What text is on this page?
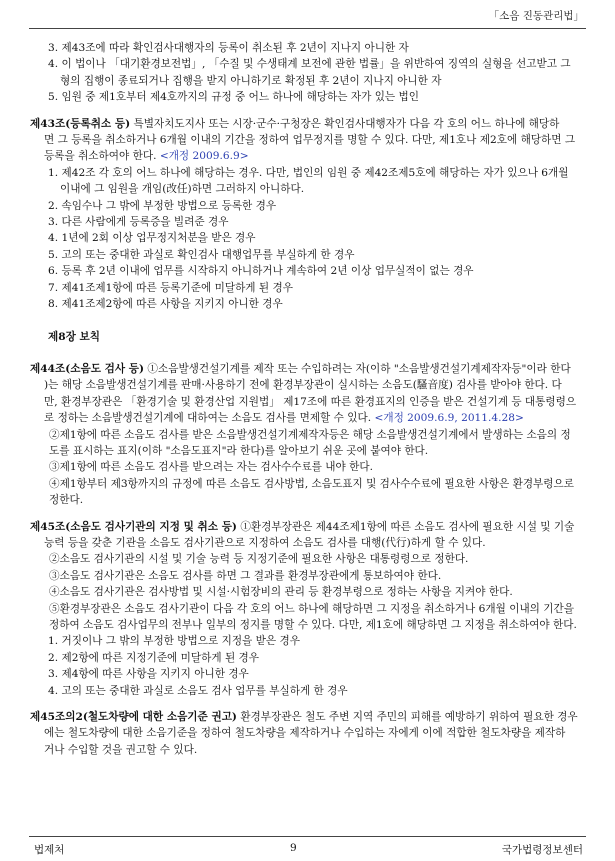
「소음 진동관리법」
3. 제43조에 따라 확인검사대행자의 등록이 취소된 후 2년이 지나지 아니한 자
4. 이 법이나 「대기환경보전법」, 「수질 및 수생태계 보전에 관한 법률」을 위반하여 징역의 실형을 선고받고 그
형의 집행이 종료되거나 집행을 받지 아니하기로 확정된 후 2년이 지나지 아니한 자
5. 임원 중 제1호부터 제4호까지의 규정 중 어느 하나에 해당하는 자가 있는 법인
제43조(등록취소 등) 특별자치도지사 또는 시장·군수·구청장은 확인검사대행자가 다음 각 호의 어느 하나에 해당하
면 그 등록을 취소하거나 6개월 이내의 기간을 정하여 업무정지를 명할 수 있다. 다만, 제1호나 제2호에 해당하면 그
등록을 취소하여야 한다. <개정 2009.6.9>
1. 제42조 각 호의 어느 하나에 해당하는 경우. 다만, 법인의 임원 중 제42조제5호에 해당하는 자가 있으나 6개월
이내에 그 임원을 개임(改任)하면 그러하지 아니하다.
2. 속임수나 그 밖에 부정한 방법으로 등록한 경우
3. 다른 사람에게 등록증을 빌려준 경우
4. 1년에 2회 이상 업무정지처분을 받은 경우
5. 고의 또는 중대한 과실로 확인검사 대행업무를 부실하게 한 경우
6. 등록 후 2년 이내에 업무를 시작하지 아니하거나 계속하여 2년 이상 업무실적이 없는 경우
7. 제41조제1항에 따른 등록기준에 미달하게 된 경우
8. 제41조제2항에 따른 사항을 지키지 아니한 경우
제8장 보칙
제44조(소음도 검사 등) ①소음발생건설기계를 제작 또는 수입하려는 자(이하 "소음발생건설기계제작자등"이라 한다
)는 해당 소음발생건설기계를 판매·사용하기 전에 환경부장관이 실시하는 소음도(騷音度) 검사를 받아야 한다. 다
만, 환경부장관은 「환경기술 및 환경산업 지원법」 제17조에 따른 환경표지의 인증을 받은 건설기계 등 대통령령으
로 정하는 소음발생건설기계에 대하여는 소음도 검사를 면제할 수 있다. <개정 2009.6.9, 2011.4.28>
②제1항에 따른 소음도 검사를 받은 소음발생건설기계제작자등은 해당 소음발생건설기계에서 발생하는 소음의 정
도를 표시하는 표지(이하 "소음도표지"라 한다)를 알아보기 쉬운 곳에 붙여야 한다.
③제1항에 따른 소음도 검사를 받으려는 자는 검사수수료를 내야 한다.
④제1항부터 제3항까지의 규정에 따른 소음도 검사방법, 소음도표지 및 검사수수료에 필요한 사항은 환경부령으로
정한다.
제45조(소음도 검사기관의 지정 및 취소 등) ①환경부장관은 제44조제1항에 따른 소음도 검사에 필요한 시설 및 기술
능력 등을 갖춘 기관을 소음도 검사기관으로 지정하여 소음도 검사를 대행(代行)하게 할 수 있다.
②소음도 검사기관의 시설 및 기술 능력 등 지정기준에 필요한 사항은 대통령령으로 정한다.
③소음도 검사기관은 소음도 검사를 하면 그 결과를 환경부장관에게 통보하여야 한다.
④소음도 검사기관은 검사방법 및 시설·시험장비의 관리 등 환경부령으로 정하는 사항을 지켜야 한다.
⑤환경부장관은 소음도 검사기관이 다음 각 호의 어느 하나에 해당하면 그 지정을 취소하거나 6개월 이내의 기간을
정하여 소음도 검사업무의 전부나 일부의 정지를 명할 수 있다. 다만, 제1호에 해당하면 그 지정을 취소하여야 한다.
1. 거짓이나 그 밖의 부정한 방법으로 지정을 받은 경우
2. 제2항에 따른 지정기준에 미달하게 된 경우
3. 제4항에 따른 사항을 지키지 아니한 경우
4. 고의 또는 중대한 과실로 소음도 검사 업무를 부실하게 한 경우
제45조의2(철도차량에 대한 소음기준 권고) 환경부장관은 철도 주변 지역 주민의 피해를 예방하기 위하여 필요한 경우
에는 철도차량에 대한 소음기준을 정하여 철도차량을 제작하거나 수입하는 자에게 이에 적합한 철도차량을 제작하
거나 수입할 것을 권고할 수 있다.
법제처	9	국가법령정보센터
